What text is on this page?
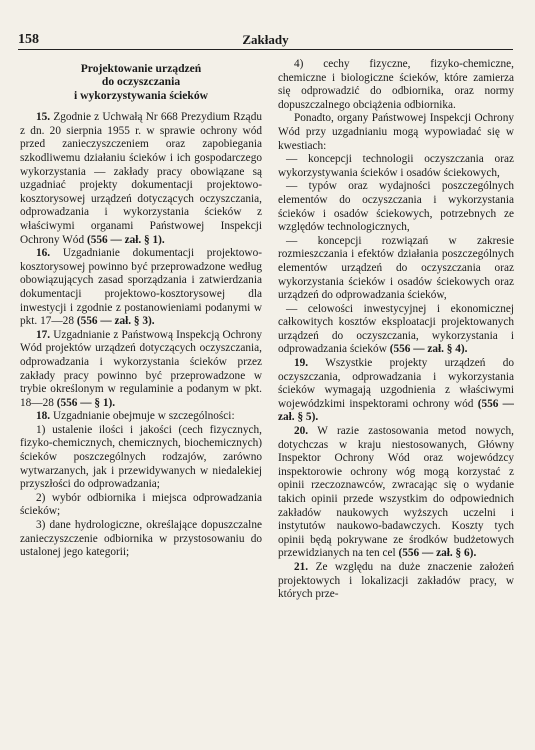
158	Zakłady
Projektowanie urządzeń
do oczyszczania
i wykorzystywania ścieków

15. Zgodnie z Uchwałą Nr 668 Prezydium Rządu z dn. 20 sierpnia 1955 r. w sprawie ochrony wód przed zanieczyszczeniem oraz zapobiegania szkodliwemu działaniu ścieków i ich gospodarczego wykorzystania — zakłady pracy obowiązane są uzgadniać projekty dokumentacji projektowo-kosztorysowej urządzeń dotyczących oczyszczania, odprowadzania i wykorzystania ścieków z właściwymi organami Państwowej Inspekcji Ochrony Wód (556 — zał. § 1).

16. Uzgadnianie dokumentacji projektowo-kosztorysowej powinno być przeprowadzone według obowiązujących zasad sporządzania i zatwierdzania dokumentacji projektowo-kosztorysowej dla inwestycji i zgodnie z postanowieniami podanymi w pkt. 17—28 (556 — zał. § 3).

17. Uzgadnianie z Państwową Inspekcją Ochrony Wód projektów urządzeń dotyczących oczyszczania, odprowadzania i wykorzystania ścieków przez zakłady pracy powinno być przeprowadzone w trybie określonym w regulaminie a podanym w pkt. 18—28 (556 — § 1).

18. Uzgadnianie obejmuje w szczególności:

1) ustalenie ilości i jakości (cech fizycznych, fizyko-chemicznych, chemicznych, biochemicznych) ścieków poszczególnych rodzajów, zarówno wytwarzanych, jak i przewidywanych w niedalekiej przyszłości do odprowadzania;

2) wybór odbiornika i miejsca odprowadzania ścieków;

3) dane hydrologiczne, określające dopuszczalne zanieczyszczenie odbiornika w przystosowaniu do ustalonej jego kategorii;

4) cechy fizyczne, fizyko-chemiczne, chemiczne i biologiczne ścieków, które zamierza się odprowadzić do odbiornika, oraz normy dopuszczalnego obciążenia odbiornika.

Ponadto, organy Państwowej Inspekcji Ochrony Wód przy uzgadnianiu mogą wypowiadać się w kwestiach:

— koncepcji technologii oczyszczania oraz wykorzystywania ścieków i osadów ściekowych,

— typów oraz wydajności poszczególnych elementów do oczyszczania i wykorzystania ścieków i osadów ściekowych, potrzebnych ze względów technologicznych,

— koncepcji rozwiązań w zakresie rozmieszczania i efektów działania poszczególnych elementów urządzeń do oczyszczania oraz wykorzystania ścieków i osadów ściekowych oraz urządzeń do odprowadzania ścieków,

— celowości inwestycyjnej i ekonomicznej całkowitych kosztów eksploatacji projektowanych urządzeń do oczyszczania, wykorzystania i odprowadzania ścieków (556 — zał. § 4).

19. Wszystkie projekty urządzeń do oczyszczania, odprowadzania i wykorzystania ścieków wymagają uzgodnienia z właściwymi wojewódzkimi inspektorami ochrony wód (556 — zał. § 5).

20. W razie zastosowania metod nowych, dotychczas w kraju niestosowanych, Główny Inspektor Ochrony Wód oraz wojewódzcy inspektorowie ochrony wóg mogą korzystać z opinii rzeczoznawców, zwracając się o wydanie takich opinii przede wszystkim do odpowiednich zakładów naukowych wyższych uczelni i instytutów naukowo-badawczych. Koszty tych opinii będą pokrywane ze środków budżetowych przewidzianych na ten cel (556 — zał. § 6).

21. Ze względu na duże znaczenie założeń projektowych i lokalizacji zakładów pracy, w których prze-
